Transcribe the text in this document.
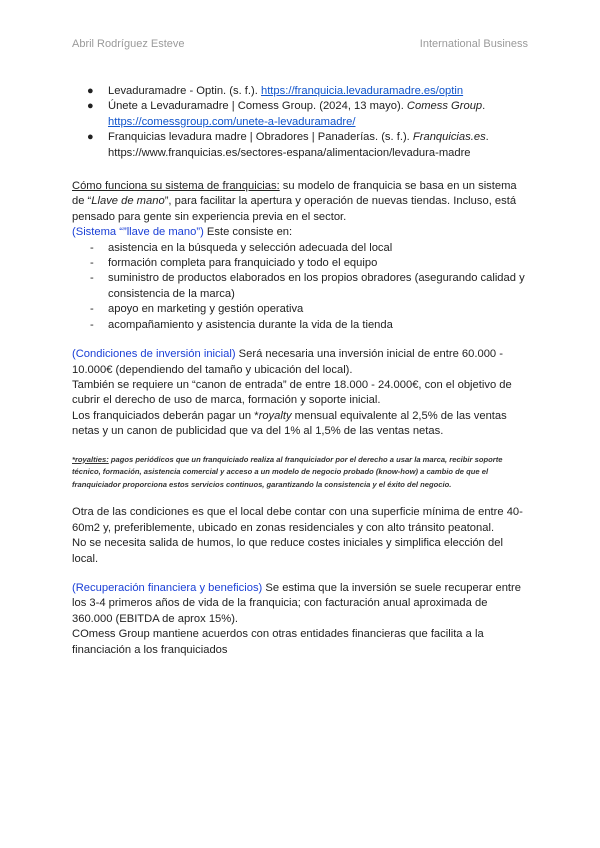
Abril Rodríguez Esteve	International Business
● Levaduramadre - Optin. (s. f.). https://franquicia.levaduramadre.es/optin
● Únete a Levaduramadre | Comess Group. (2024, 13 mayo). Comess Group.
https://comessgroup.com/unete-a-levaduramadre/
● Franquicias levadura madre | Obradores | Panaderías. (s. f.). Franquicias.es.
https://www.franquicias.es/sectores-espana/alimentacion/levadura-madre

Cómo funciona su sistema de franquicias: su modelo de franquicia se basa en un sistema de “Llave de mano”, para facilitar la apertura y operación de nuevas tiendas. Incluso, está pensado para gente sin experiencia previa en el sector.

(Sistema “”llave de mano”) Este consiste en:

- asistencia en la búsqueda y selección adecuada del local
- formación completa para franquiciado y todo el equipo
- suministro de productos elaborados en los propios obradores (asegurando calidad y consistencia de la marca)
- apoyo en marketing y gestión operativa
- acompañamiento y asistencia durante la vida de la tienda

(Condiciones de inversión inicial) Será necesaria una inversión inicial de entre 60.000 - 10.000€ (dependiendo del tamaño y ubicación del local).

También se requiere un “canon de entrada” de entre 18.000 - 24.000€, con el objetivo de cubrir el derecho de uso de marca, formación y soporte inicial.

Los franquiciados deberán pagar un *royalty mensual equivalente al 2,5% de las ventas netas y un canon de publicidad que va del 1% al 1,5% de las ventas netas.

*royalties: pagos periódicos que un franquiciado realiza al franquiciador por el derecho a usar la marca, recibir soporte técnico, formación, asistencia comercial y acceso a un modelo de negocio probado (know-how) a cambio de que el franquiciador proporciona estos servicios continuos, garantizando la consistencia y el éxito del negocio.

Otra de las condiciones es que el local debe contar con una superficie mínima de entre 40-60m2 y, preferiblemente, ubicado en zonas residenciales y con alto tránsito peatonal.

No se necesita salida de humos, lo que reduce costes iniciales y simplifica elección del local.

(Recuperación financiera y beneficios) Se estima que la inversión se suele recuperar entre los 3-4 primeros años de vida de la franquicia; con facturación anual aproximada de 360.000 (EBITDA de aprox 15%).

COmess Group mantiene acuerdos con otras entidades financieras que facilita a la financiación a los franquiciados
